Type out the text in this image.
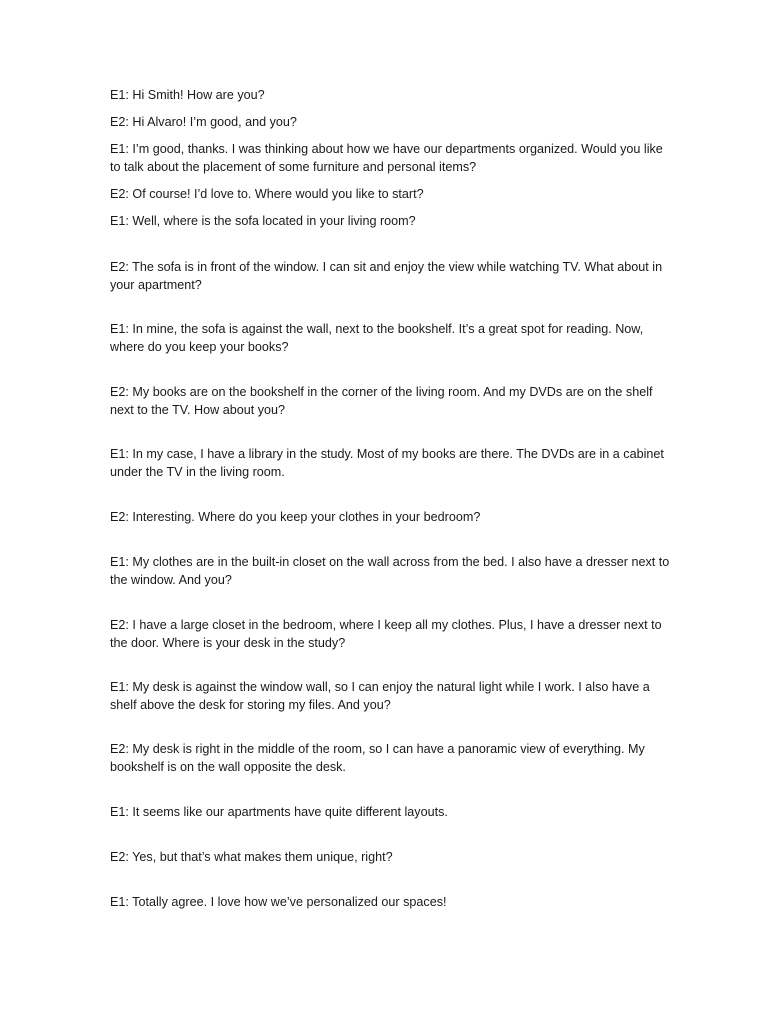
E1: Hi Smith! How are you?

E2: Hi Alvaro! I’m good, and you?

E1: I’m good, thanks. I was thinking about how we have our departments organized. Would you like to talk about the placement of some furniture and personal items?

E2: Of course! I’d love to. Where would you like to start?

E1: Well, where is the sofa located in your living room?

E2: The sofa is in front of the window. I can sit and enjoy the view while watching TV. What about in your apartment?

E1: In mine, the sofa is against the wall, next to the bookshelf. It’s a great spot for reading. Now, where do you keep your books?

E2: My books are on the bookshelf in the corner of the living room. And my DVDs are on the shelf next to the TV. How about you?

E1: In my case, I have a library in the study. Most of my books are there. The DVDs are in a cabinet under the TV in the living room.

E2: Interesting. Where do you keep your clothes in your bedroom?

E1: My clothes are in the built-in closet on the wall across from the bed. I also have a dresser next to the window. And you?

E2: I have a large closet in the bedroom, where I keep all my clothes. Plus, I have a dresser next to the door. Where is your desk in the study?

E1: My desk is against the window wall, so I can enjoy the natural light while I work. I also have a shelf above the desk for storing my files. And you?

E2: My desk is right in the middle of the room, so I can have a panoramic view of everything. My bookshelf is on the wall opposite the desk.

E1: It seems like our apartments have quite different layouts.

E2: Yes, but that’s what makes them unique, right?

E1: Totally agree. I love how we’ve personalized our spaces!
